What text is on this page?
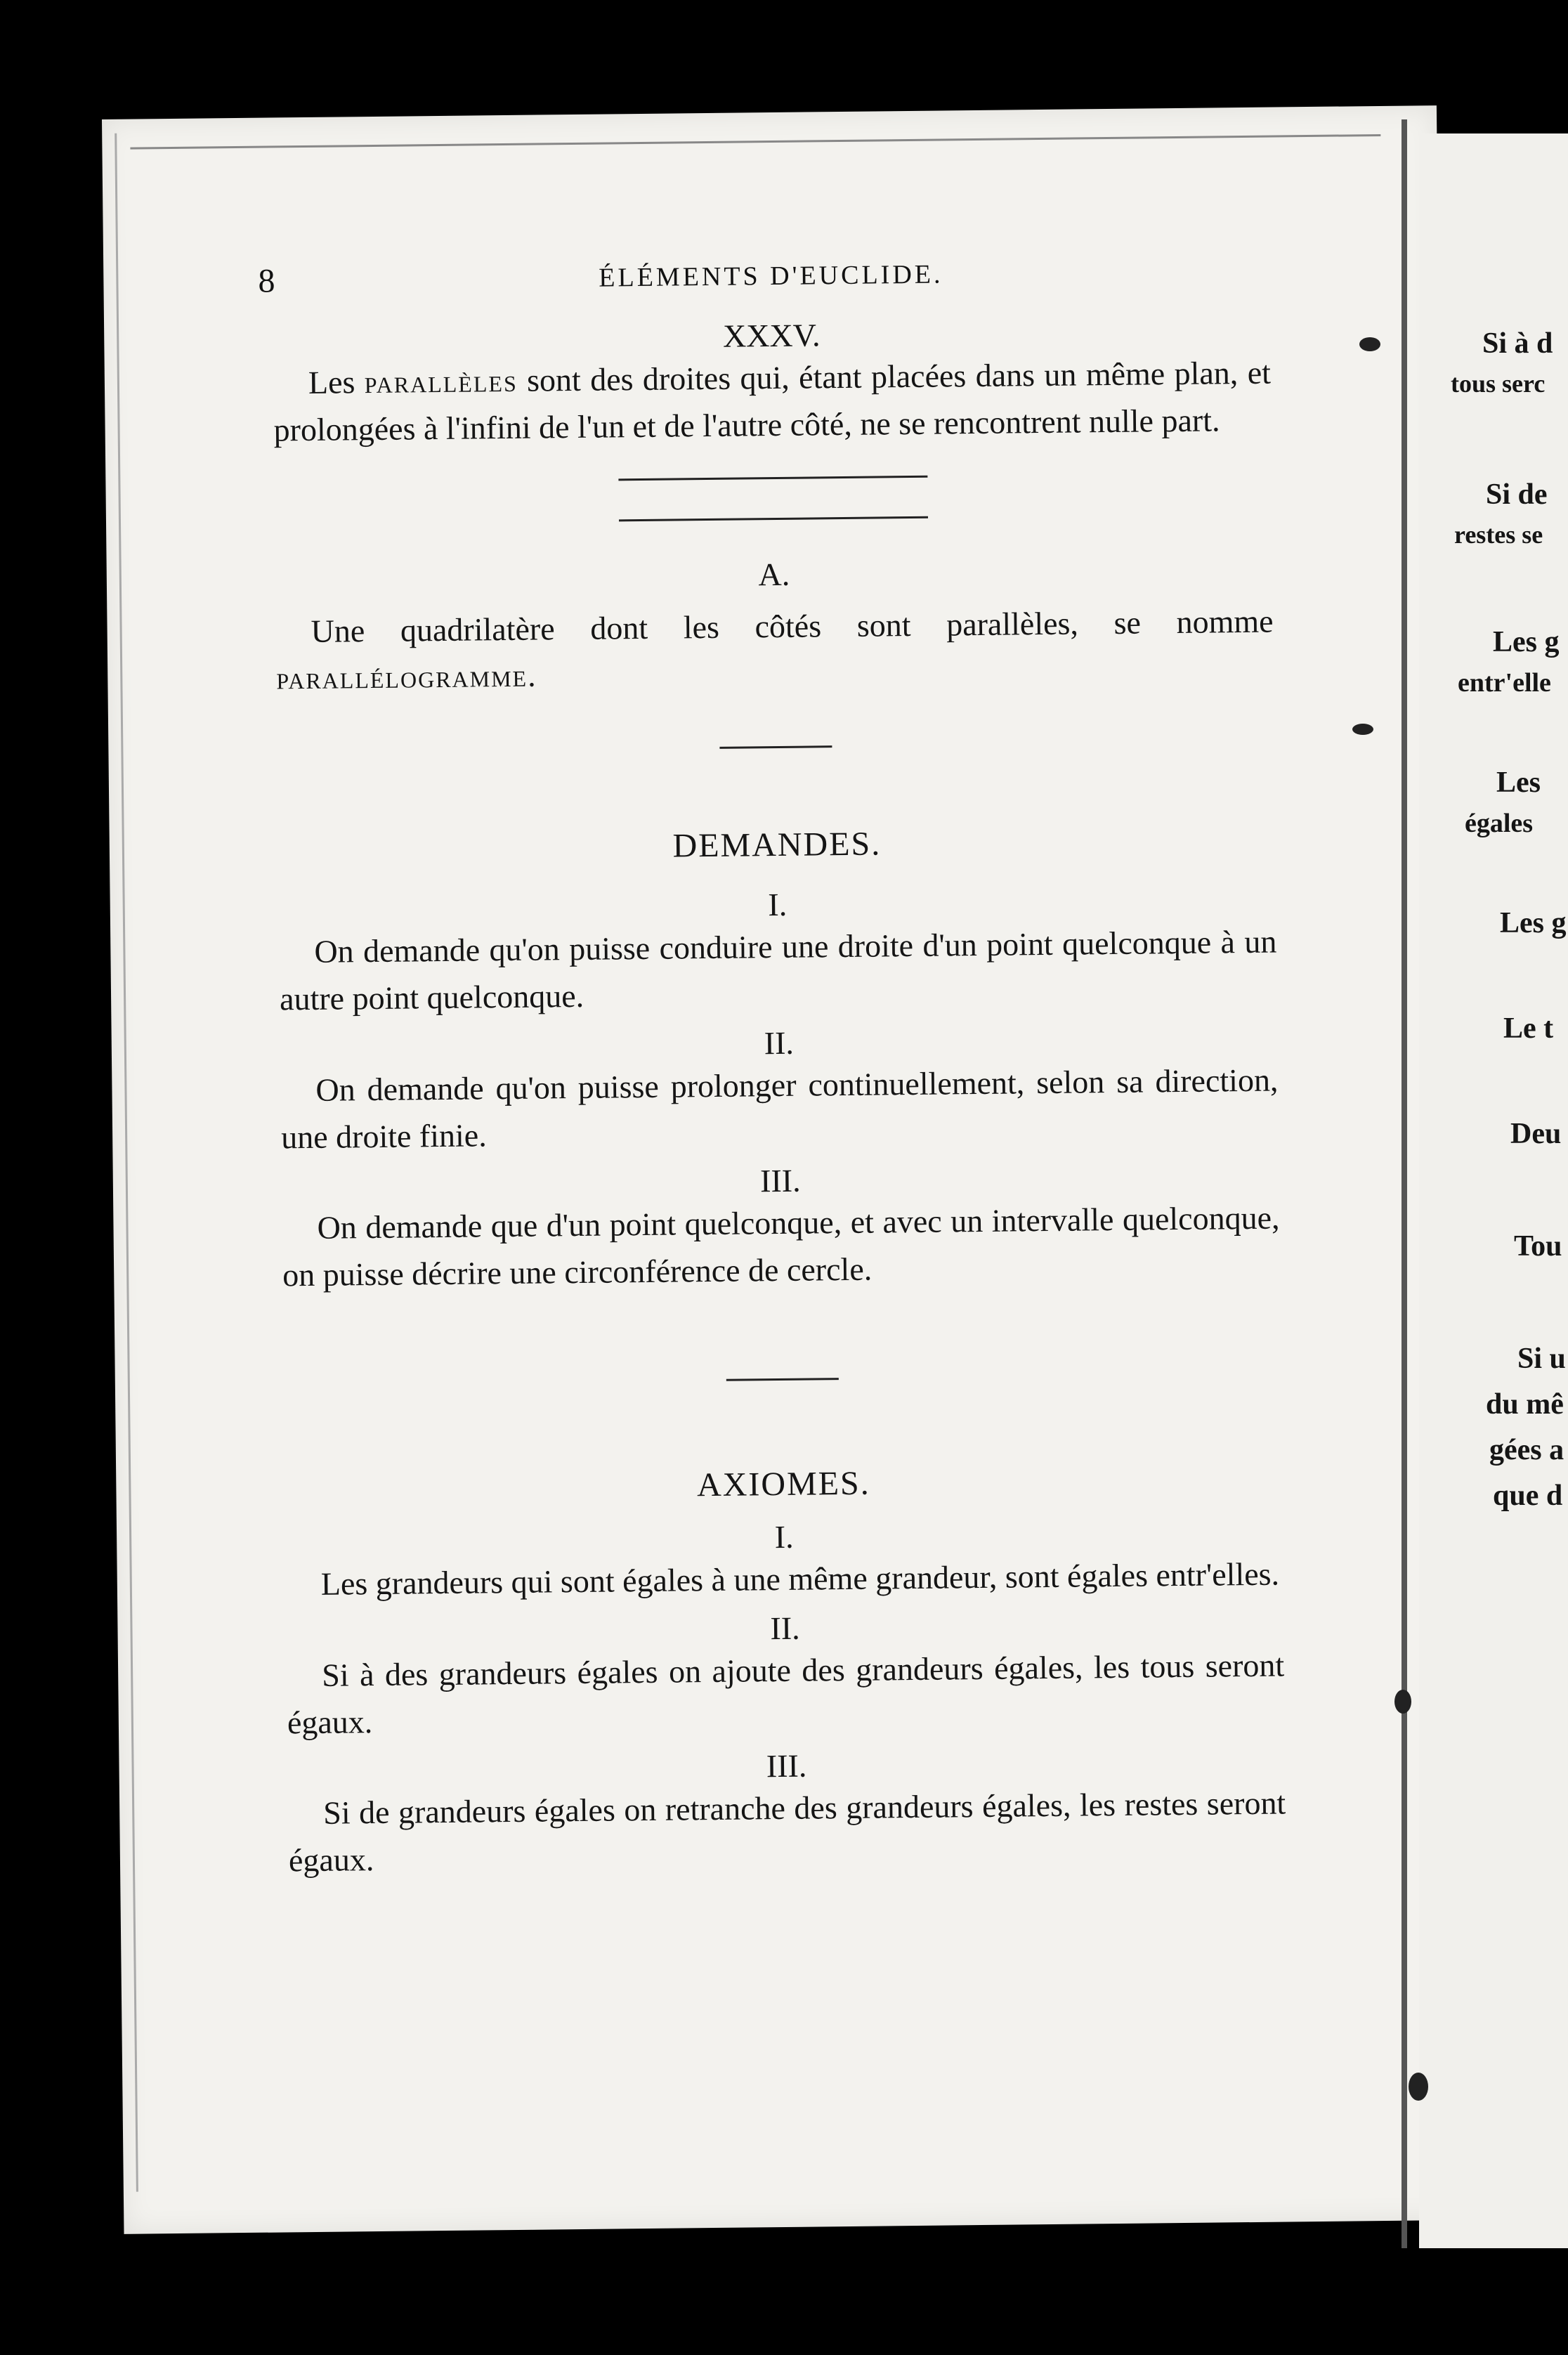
8	ÉLÉMENTS D'EUCLIDE.

XXXV.

Les parallèles sont des droites qui, étant placées dans un même plan, et prolongées à l'infini de l'un et de l'autre côté, ne se rencontrent nulle part.

A.

Une quadrilatère dont les côtés sont parallèles, se nomme parallélogramme.

DEMANDES.

I.

On demande qu'on puisse conduire une droite d'un point quelconque à un autre point quelconque.

II.

On demande qu'on puisse prolonger continuellement, selon sa direction, une droite finie.

III.

On demande que d'un point quelconque, et avec un intervalle quelconque, on puisse décrire une circonférence de cercle.

AXIOMES.

I.

Les grandeurs qui sont égales à une même grandeur, sont égales entr'elles.

II.

Si à des grandeurs égales on ajoute des grandeurs égales, les tous seront égaux.

III.

Si de grandeurs égales on retranche des grandeurs égales, les restes seront égaux.

Si à d
tous serc
Si de
restes se
Les g
entr'elle
Les
égales
Les g
Le t
Deu
Tou
Si u
du mê
gées a
que d
